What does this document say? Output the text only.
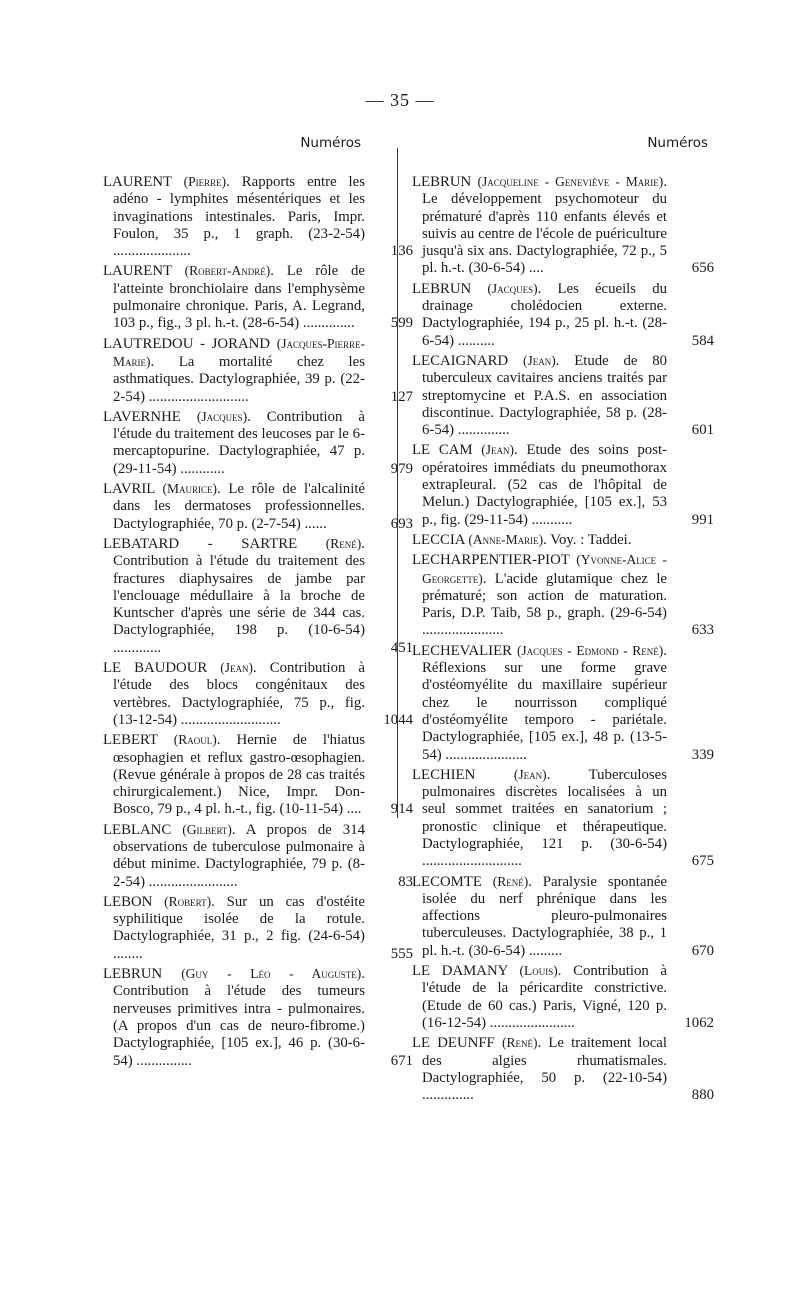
— 35 —
Numéros
LAURENT (Pierre). Rapports entre les adéno - lymphites mésentériques et les invaginations intestinales. Paris, Impr. Foulon, 35 p., 1 graph. (23-2-54) .....................	136
LAURENT (Robert-André). Le rôle de l'atteinte bronchiolaire dans l'emphysème pulmonaire chronique. Paris, A. Legrand, 103 p., fig., 3 pl. h.-t. (28-6-54) ..............	599
LAUTREDOU - JORAND (Jacques-Pierre-Marie). La mortalité chez les asthmatiques. Dactylographiée, 39 p. (22-2-54) ...........................	127
LAVERNHE (Jacques). Contribution à l'étude du traitement des leucoses par le 6-mercaptopurine. Dactylographiée, 47 p. (29-11-54) ............	979
LAVRIL (Maurice). Le rôle de l'alcalinité dans les dermatoses professionnelles. Dactylographiée, 70 p. (2-7-54) ......	693
LEBATARD - SARTRE (René). Contribution à l'étude du traitement des fractures diaphysaires de jambe par l'enclouage médullaire à la broche de Kuntscher d'après une série de 344 cas. Dactylographiée, 198 p. (10-6-54) .............	451
LE BAUDOUR (Jean). Contribution à l'étude des blocs congénitaux des vertèbres. Dactylographiée, 75 p., fig. (13-12-54) ...........................	1044
LEBERT (Raoul). Hernie de l'hiatus œsophagien et reflux gastro-œsophagien. (Revue générale à propos de 28 cas traités chirurgicalement.) Nice, Impr. Don-Bosco, 79 p., 4 pl. h.-t., fig. (10-11-54) ....	914
LEBLANC (Gilbert). A propos de 314 observations de tuberculose pulmonaire à début minime. Dactylographiée, 79 p. (8-2-54) ........................	83
LEBON (Robert). Sur un cas d'ostéite syphilitique isolée de la rotule. Dactylographiée, 31 p., 2 fig. (24-6-54) ........	555
LEBRUN (Guy - Léo - Auguste). Contribution à l'étude des tumeurs nerveuses primitives intra - pulmonaires. (A propos d'un cas de neuro-fibrome.) Dactylographiée, [105 ex.], 46 p. (30-6-54) ...............	671
Numéros
LEBRUN (Jacqueline - Geneviève - Marie). Le développement psychomoteur du prématuré d'après 110 enfants élevés et suivis au centre de l'école de puériculture jusqu'à six ans. Dactylographiée, 72 p., 5 pl. h.-t. (30-6-54) ....	656
LEBRUN (Jacques). Les écueils du drainage cholédocien externe. Dactylographiée, 194 p., 25 pl. h.-t. (28-6-54) ..........	584
LECAIGNARD (Jean). Etude de 80 tuberculeux cavitaires anciens traités par streptomycine et P.A.S. en association discontinue. Dactylographiée, 58 p. (28-6-54) ..............	601
LE CAM (Jean). Etude des soins post-opératoires immédiats du pneumothorax extrapleural. (52 cas de l'hôpital de Melun.) Dactylographiée, [105 ex.], 53 p., fig. (29-11-54) ...........	991
LECCIA (Anne-Marie). Voy. : Taddei.
LECHARPENTIER-PIOT (Yvonne-Alice - Georgette). L'acide glutamique chez le prématuré; son action de maturation. Paris, D.P. Taib, 58 p., graph. (29-6-54) ......................	633
LECHEVALIER (Jacques - Edmond - René). Réflexions sur une forme grave d'ostéomyélite du maxillaire supérieur chez le nourrisson compliqué d'ostéomyélite temporo - pariétale. Dactylographiée, [105 ex.], 48 p. (13-5-54) ......................	339
LECHIEN	(Jean). Tuberculoses pulmonaires discrètes localisées à un seul sommet traitées en sanatorium ; pronostic clinique et thérapeutique. Dactylographiée, 121 p. (30-6-54) ...........................	675
LECOMTE (René). Paralysie spontanée isolée du nerf phrénique dans les affections pleuro-pulmonaires tuberculeuses. Dactylographiée, 38 p., 1 pl. h.-t. (30-6-54) .........	670
LE DAMANY (Louis). Contribution à l'étude de la péricardite constrictive. (Etude de 60 cas.) Paris, Vigné, 120 p. (16-12-54) .......................	1062
LE DEUNFF (René). Le traitement local des algies rhumatismales. Dactylographiée, 50 p. (22-10-54) ..............	880
